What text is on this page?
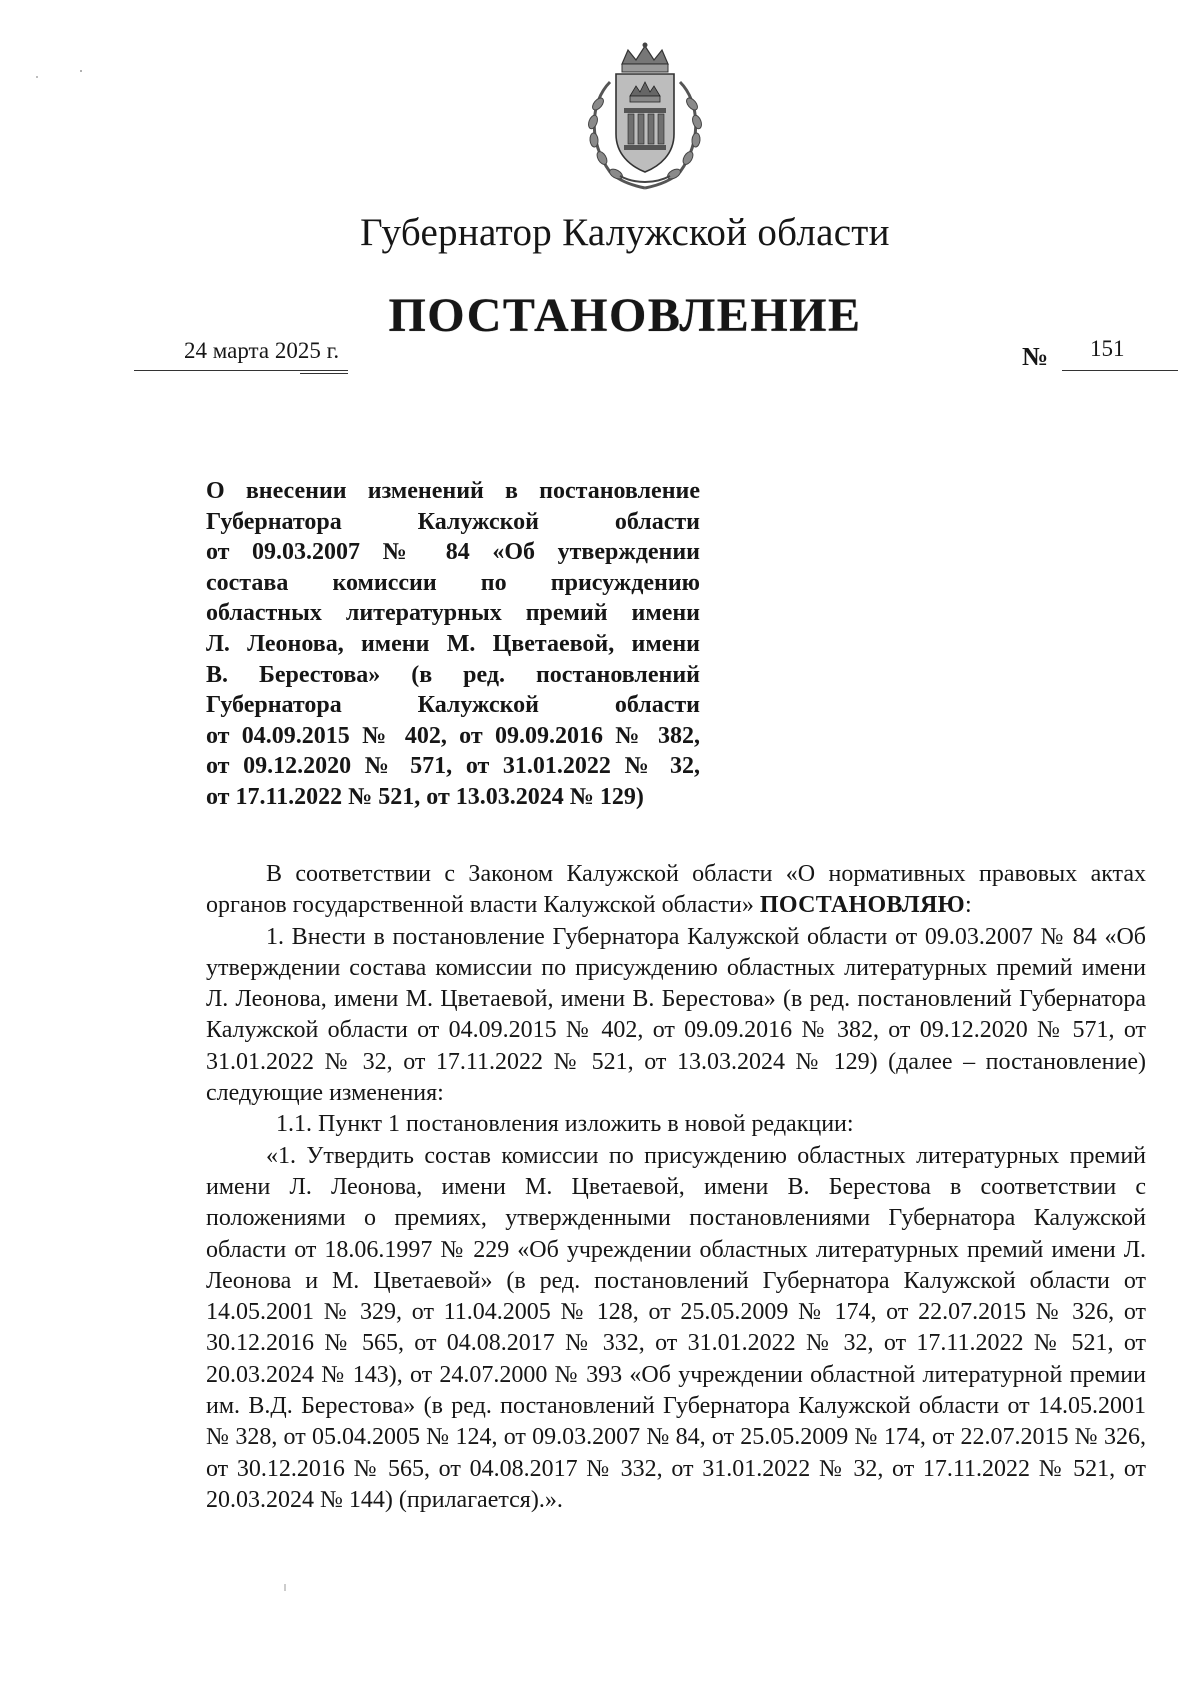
Губернатор Калужской области
ПОСТАНОВЛЕНИЕ
24 марта 2025 г.	№ 151
О внесении изменений в постановление
Губернатора Калужской области
от 09.03.2007 № 84 «Об утверждении
состава комиссии по присуждению
областных литературных премий имени
Л. Леонова, имени М. Цветаевой, имени
В. Берестова» (в ред. постановлений
Губернатора Калужской области
от 04.09.2015 № 402, от 09.09.2016 № 382,
от 09.12.2020 № 571, от 31.01.2022 № 32,
от 17.11.2022 № 521, от 13.03.2024 № 129)

В соответствии с Законом Калужской области «О нормативных правовых актах органов государственной власти Калужской области» ПОСТАНОВЛЯЮ:

1. Внести в постановление Губернатора Калужской области от 09.03.2007 № 84 «Об утверждении состава комиссии по присуждению областных литературных премий имени Л. Леонова, имени М. Цветаевой, имени В. Берестова» (в ред. постановлений Губернатора Калужской области от 04.09.2015 № 402, от 09.09.2016 № 382, от 09.12.2020 № 571, от 31.01.2022 № 32, от 17.11.2022 № 521, от 13.03.2024 № 129) (далее – постановление) следующие изменения:

1.1. Пункт 1 постановления изложить в новой редакции:

«1. Утвердить состав комиссии по присуждению областных литературных премий имени Л. Леонова, имени М. Цветаевой, имени В. Берестова в соответствии с положениями о премиях, утвержденными постановлениями Губернатора Калужской области от 18.06.1997 № 229 «Об учреждении областных литературных премий имени Л. Леонова и М. Цветаевой» (в ред. постановлений Губернатора Калужской области от 14.05.2001 № 329, от 11.04.2005 № 128, от 25.05.2009 № 174, от 22.07.2015 № 326, от 30.12.2016 № 565, от 04.08.2017 № 332, от 31.01.2022 № 32, от 17.11.2022 № 521, от 20.03.2024 № 143), от 24.07.2000 № 393 «Об учреждении областной литературной премии им. В.Д. Берестова» (в ред. постановлений Губернатора Калужской области от 14.05.2001 № 328, от 05.04.2005 № 124, от 09.03.2007 № 84, от 25.05.2009 № 174, от 22.07.2015 № 326, от 30.12.2016 № 565, от 04.08.2017 № 332, от 31.01.2022 № 32, от 17.11.2022 № 521, от 20.03.2024 № 144) (прилагается).».
